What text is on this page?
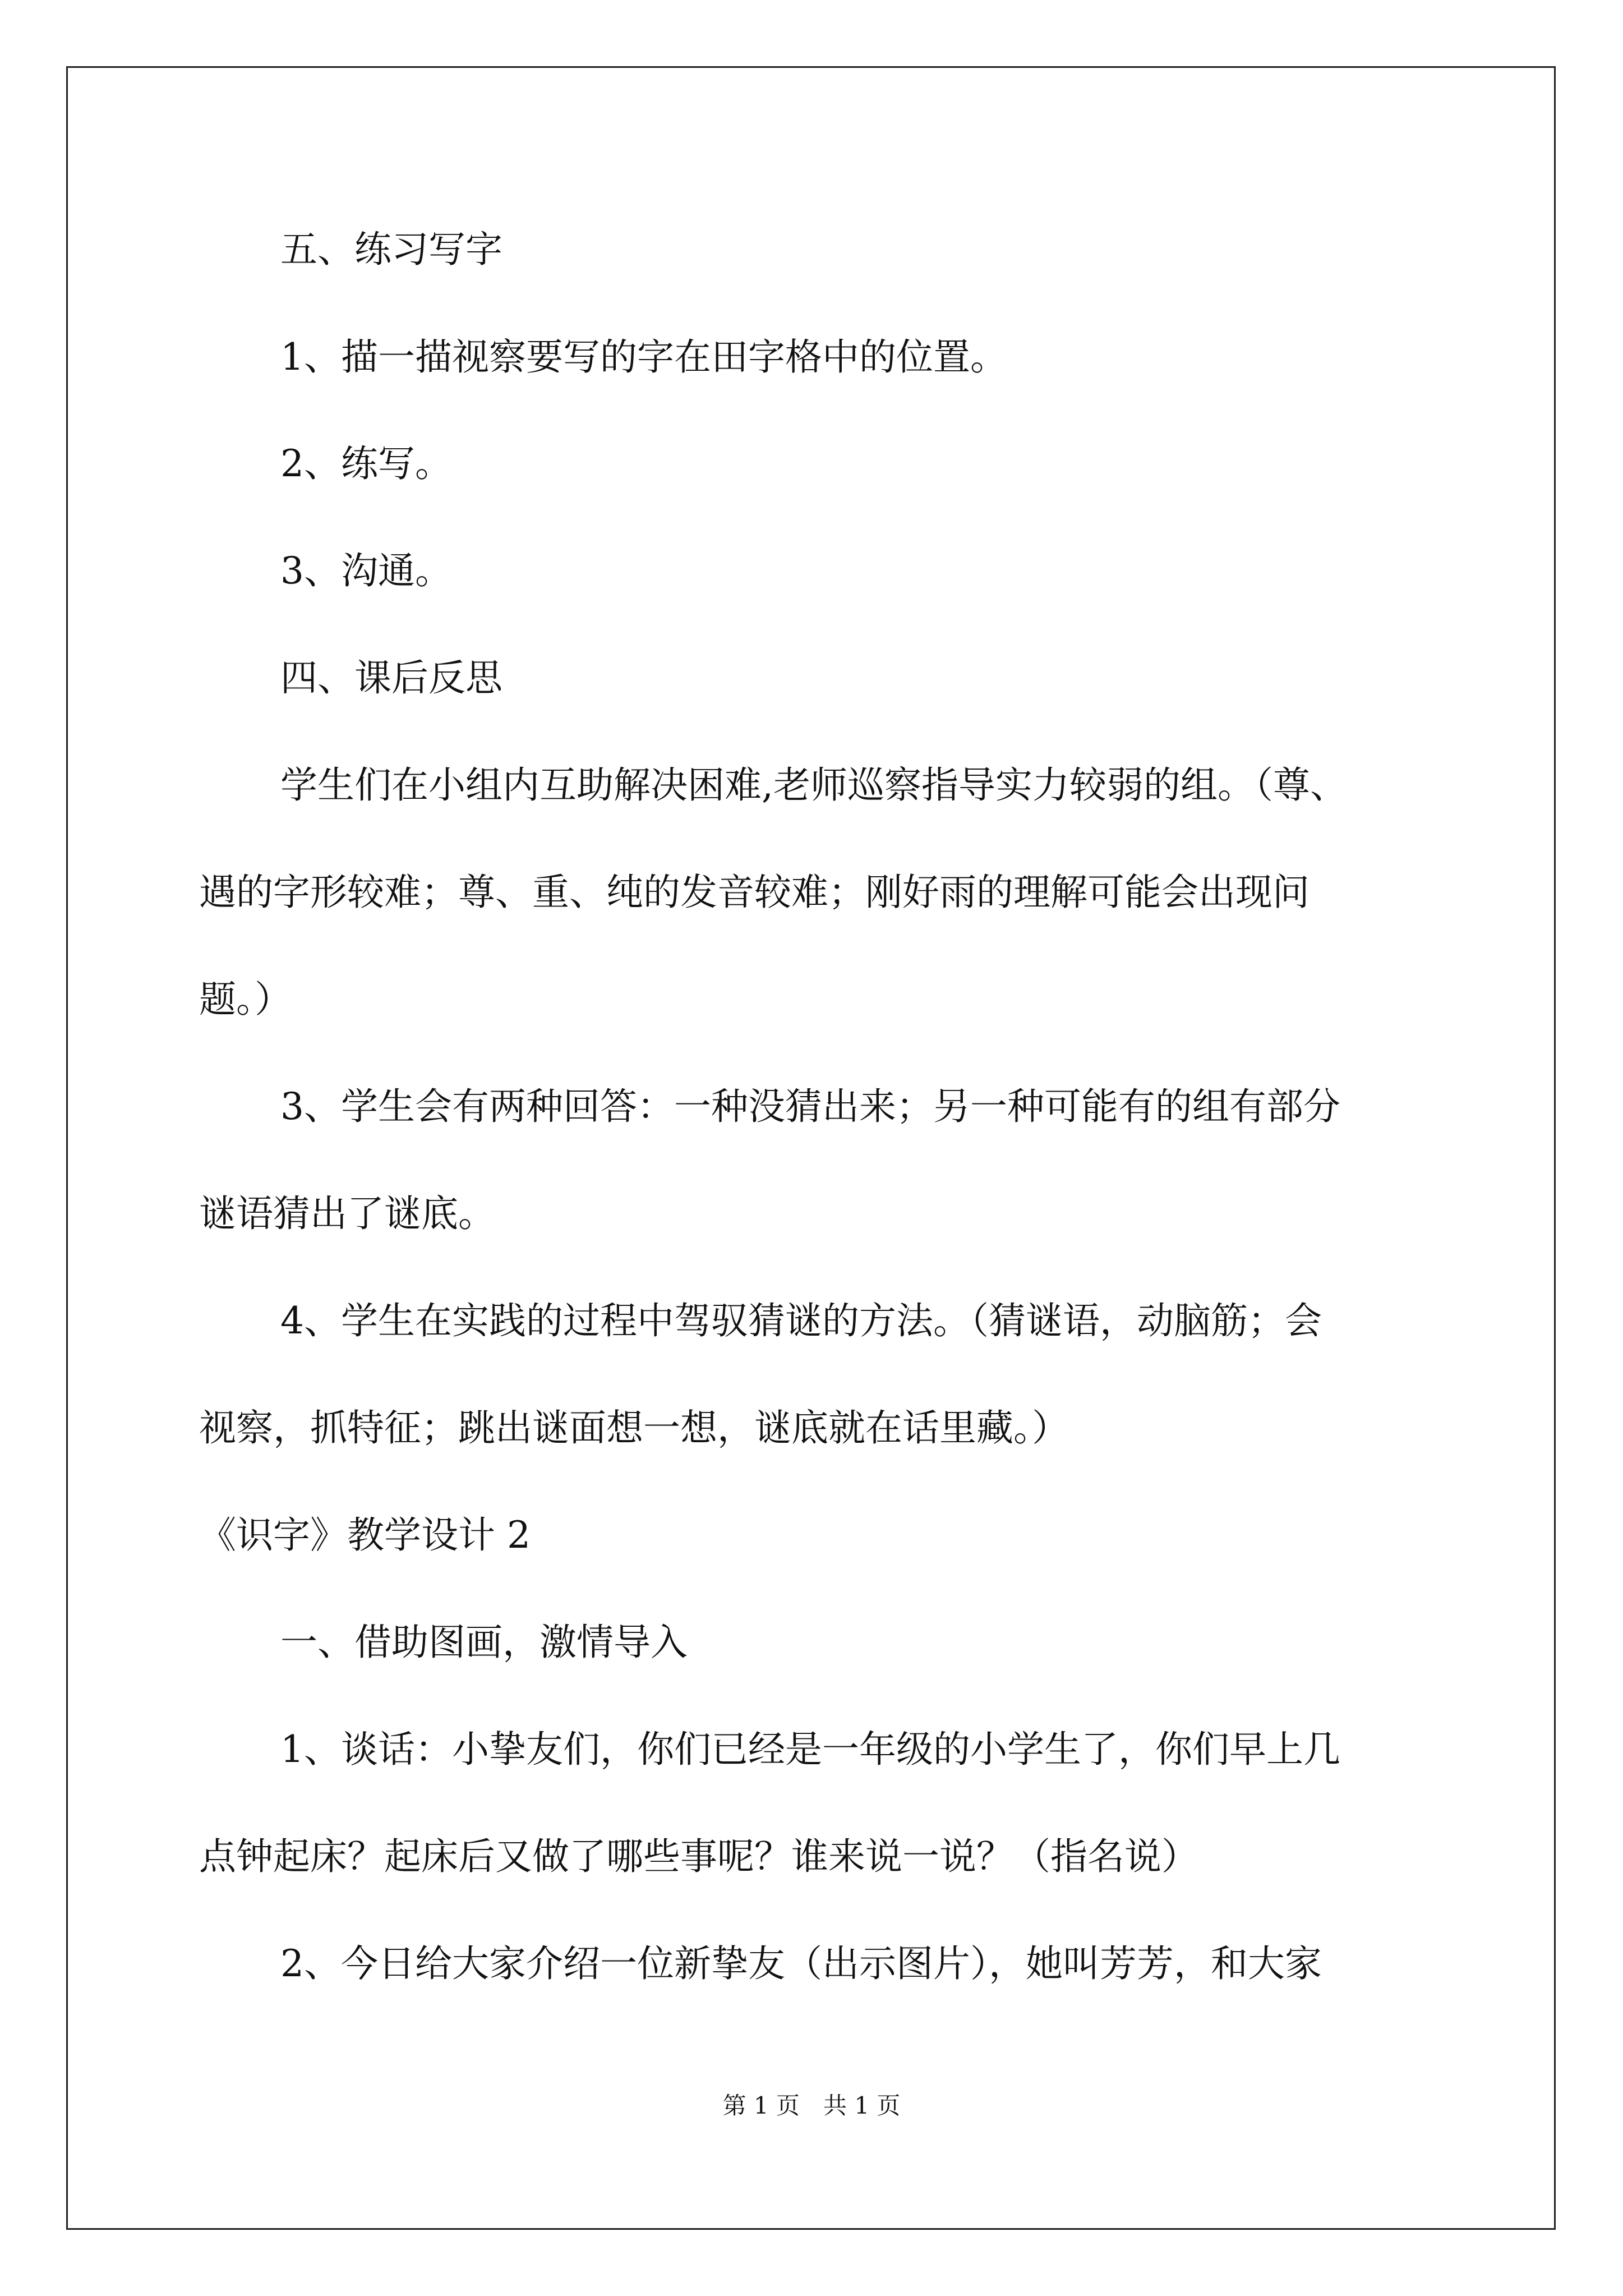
五、练习写字
1、描一描视察要写的字在田字格中的位置。
2、练写。
3、沟通。
四、课后反思
学生们在小组内互助解决困难,老师巡察指导实力较弱的组。（尊、
遇的字形较难；尊、重、纯的发音较难；刚好雨的理解可能会出现问
题。）
3、学生会有两种回答：一种没猜出来；另一种可能有的组有部分
谜语猜出了谜底。
4、学生在实践的过程中驾驭猜谜的方法。（猜谜语，动脑筋；会
视察，抓特征；跳出谜面想一想，谜底就在话里藏。）
《识字》教学设计 2
一、借助图画，激情导入
1、谈话：小挚友们，你们已经是一年级的小学生了，你们早上几
点钟起床？起床后又做了哪些事呢？谁来说一说？（指名说）
2、今日给大家介绍一位新挚友（出示图片），她叫芳芳，和大家
第 1 页　共 1 页
